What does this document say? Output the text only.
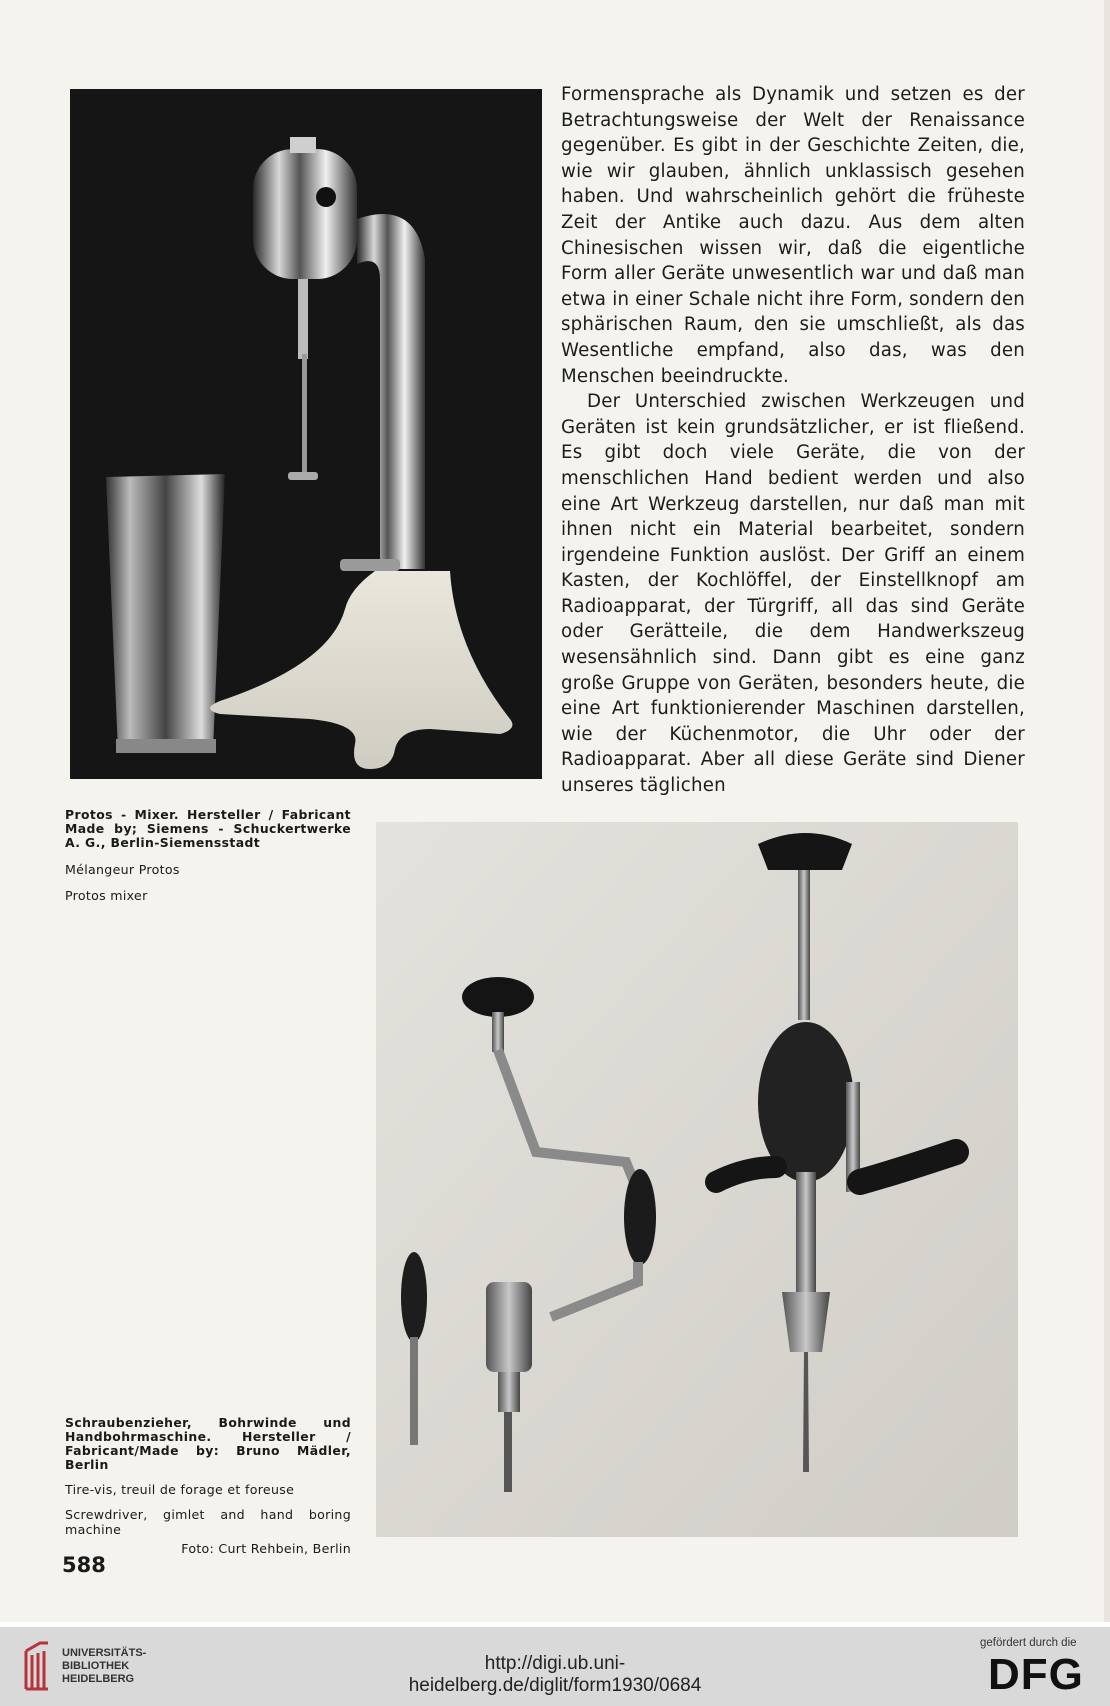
Formensprache als Dynamik und setzen es der Betrachtungsweise der Welt der Renaissance gegenüber. Es gibt in der Geschichte Zeiten, die, wie wir glauben, ähnlich unklassisch gesehen haben. Und wahrscheinlich gehört die früheste Zeit der Antike auch dazu. Aus dem alten Chinesischen wissen wir, daß die eigentliche Form aller Geräte unwesentlich war und daß man etwa in einer Schale nicht ihre Form, sondern den sphärischen Raum, den sie umschließt, als das Wesentliche empfand, also das, was den Menschen beeindruckte.

Der Unterschied zwischen Werkzeugen und Geräten ist kein grundsätzlicher, er ist fließend. Es gibt doch viele Geräte, die von der menschlichen Hand bedient werden und also eine Art Werkzeug darstellen, nur daß man mit ihnen nicht ein Material bearbeitet, sondern irgendeine Funktion auslöst. Der Griff an einem Kasten, der Kochlöffel, der Einstellknopf am Radioapparat, der Türgriff, all das sind Geräte oder Gerätteile, die dem Handwerkszeug wesensähnlich sind. Dann gibt es eine ganz große Gruppe von Geräten, besonders heute, die eine Art funktionierender Maschinen darstellen, wie der Küchenmotor, die Uhr oder der Radioapparat. Aber all diese Geräte sind Diener unseres täglichen

Protos - Mixer. Hersteller / Fabricant Made by; Siemens - Schuckertwerke A. G., Berlin-Siemensstadt

Mélangeur Protos

Protos mixer

Schraubenzieher, Bohrwinde und Handbohrmaschine. Hersteller / Fabricant/Made by: Bruno Mädler, Berlin

Tire-vis, treuil de forage et foreuse

Screwdriver, gimlet and hand boring machine

Foto: Curt Rehbein, Berlin

588
UNIVERSITÄTS-
BIBLIOTHEK
HEIDELBERG
http://digi.ub.uni-heidelberg.de/diglit/form1930/0684
gefördert durch die
DFG
